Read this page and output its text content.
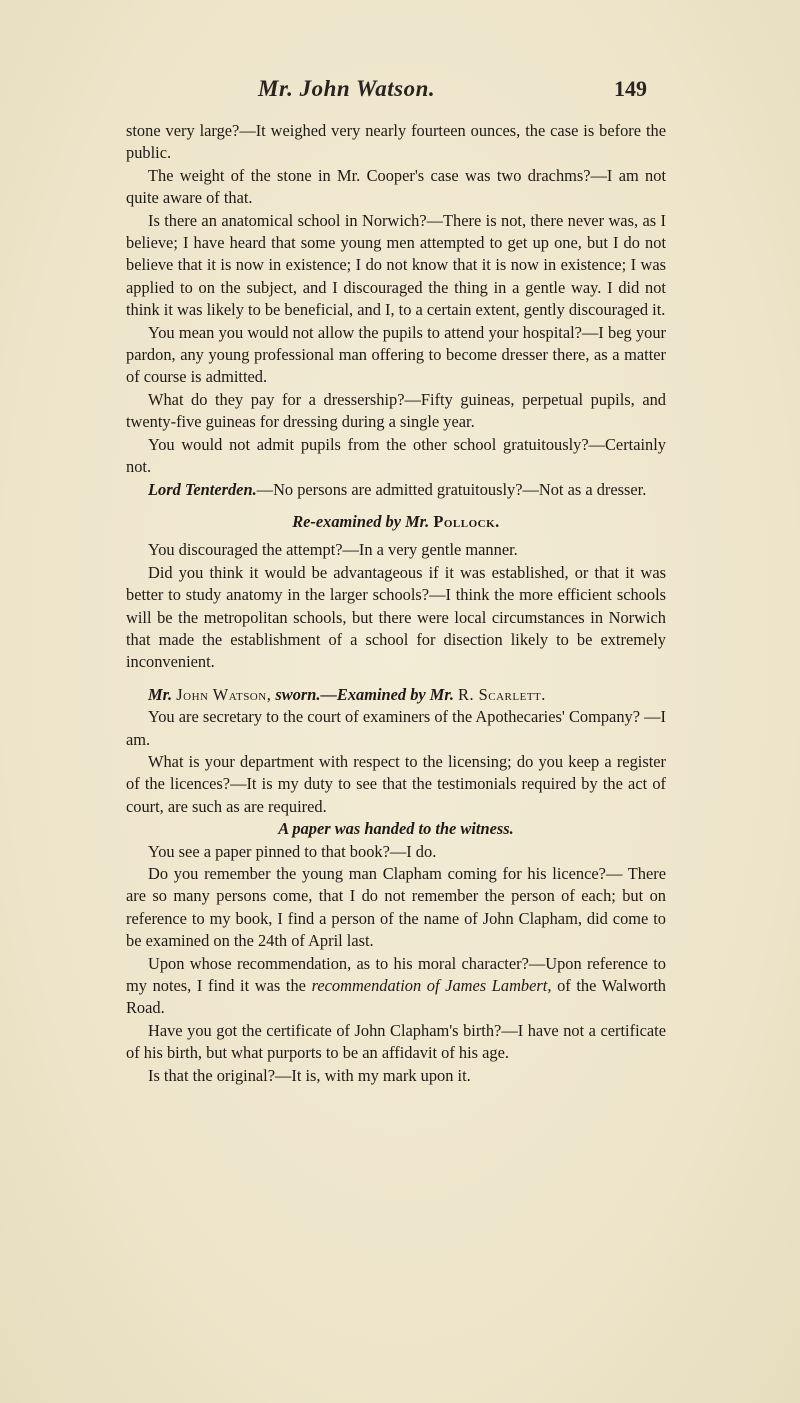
Mr. John Watson.	149

stone very large?—It weighed very nearly fourteen ounces, the case is before the public.

The weight of the stone in Mr. Cooper's case was two drachms?—I am not quite aware of that.

Is there an anatomical school in Norwich?—There is not, there never was, as I believe; I have heard that some young men attempted to get up one, but I do not believe that it is now in existence; I do not know that it is now in existence; I was applied to on the subject, and I discouraged the thing in a gentle way. I did not think it was likely to be beneficial, and I, to a certain extent, gently discouraged it.

You mean you would not allow the pupils to attend your hospital?—I beg your pardon, any young professional man offering to become dresser there, as a matter of course is admitted.

What do they pay for a dressership?—Fifty guineas, perpetual pupils, and twenty-five guineas for dressing during a single year.

You would not admit pupils from the other school gratuitously?—Certainly not.

Lord Tenterden.—No persons are admitted gratuitously?—Not as a dresser.

Re-examined by Mr. Pollock.

You discouraged the attempt?—In a very gentle manner.

Did you think it would be advantageous if it was established, or that it was better to study anatomy in the larger schools?—I think the more efficient schools will be the metropolitan schools, but there were local circumstances in Norwich that made the establishment of a school for disection likely to be extremely inconvenient.

Mr. John Watson, sworn.—Examined by Mr. R. Scarlett.

You are secretary to the court of examiners of the Apothecaries' Company? —I am.

What is your department with respect to the licensing; do you keep a register of the licences?—It is my duty to see that the testimonials required by the act of court, are such as are required.

A paper was handed to the witness.

You see a paper pinned to that book?—I do.

Do you remember the young man Clapham coming for his licence?— There are so many persons come, that I do not remember the person of each; but on reference to my book, I find a person of the name of John Clapham, did come to be examined on the 24th of April last.

Upon whose recommendation, as to his moral character?—Upon reference to my notes, I find it was the recommendation of James Lambert, of the Walworth Road.

Have you got the certificate of John Clapham's birth?—I have not a certificate of his birth, but what purports to be an affidavit of his age.

Is that the original?—It is, with my mark upon it.
